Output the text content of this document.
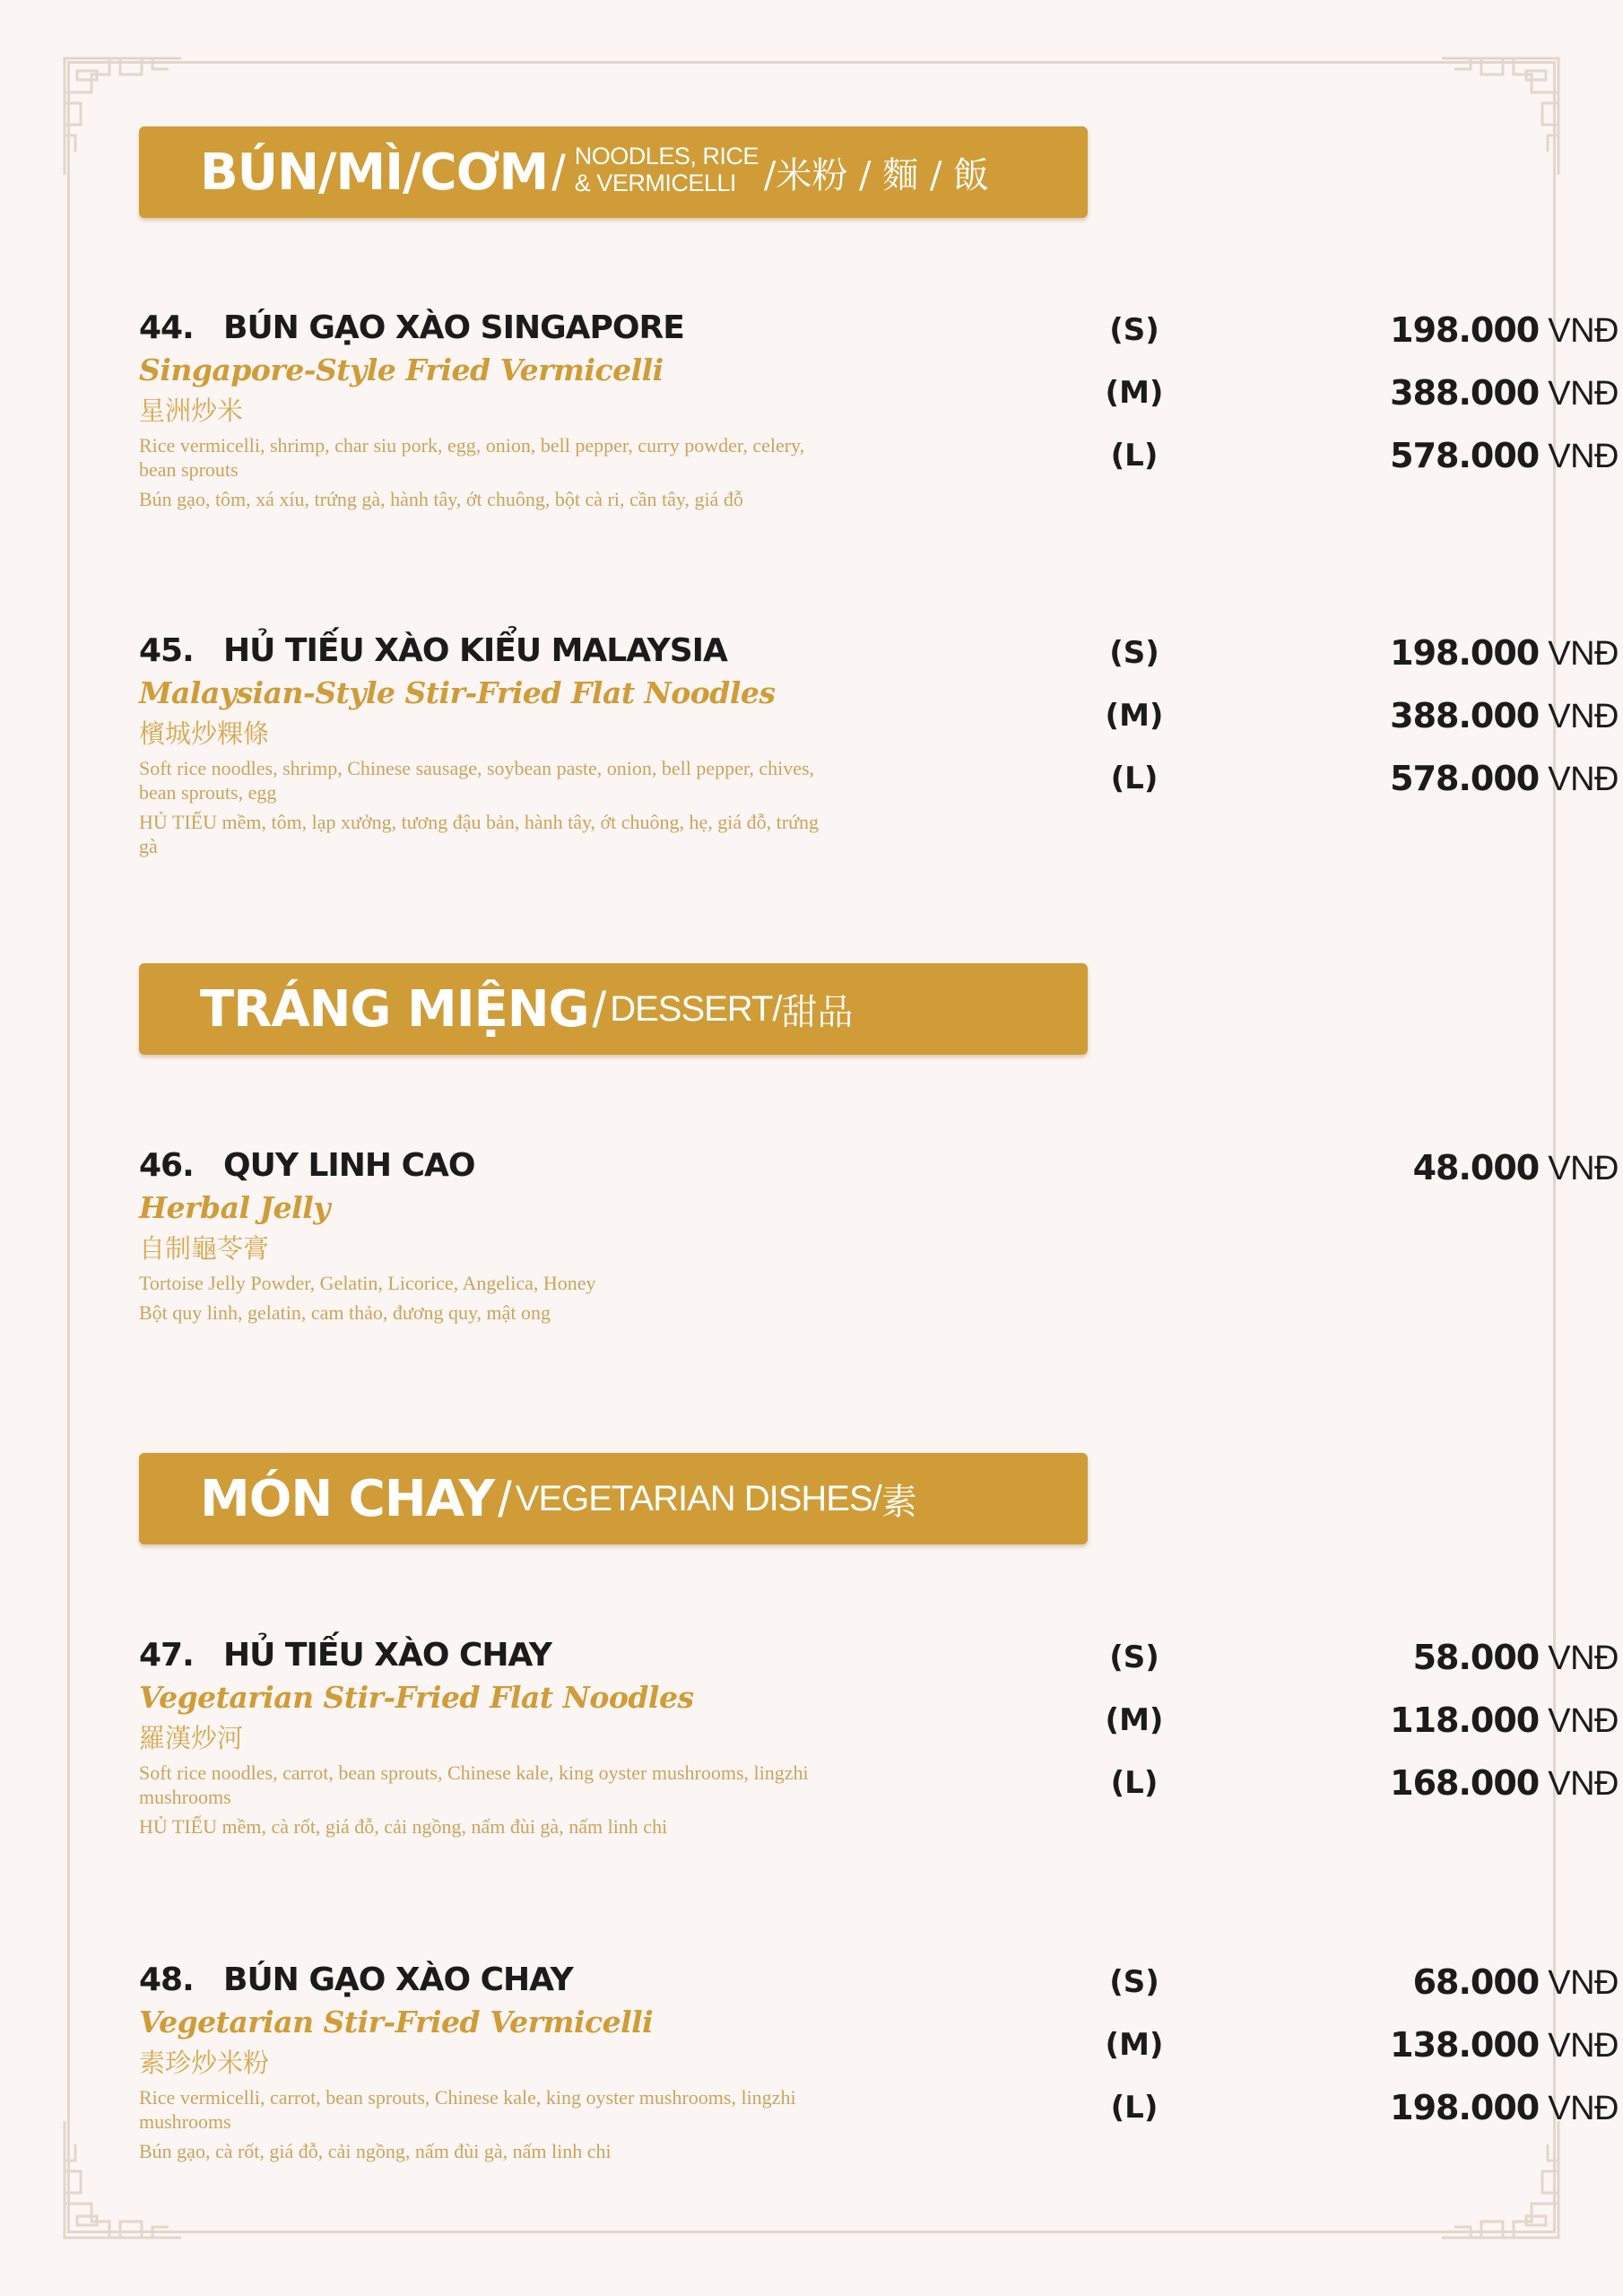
BÚN/MÌ/CƠM / NOODLES, RICE
& VERMICELLI /米粉 / 麵 / 飯
44. BÚN GẠO XÀO SINGAPORE
Singapore-Style Fried Vermicelli
星洲炒米
Rice vermicelli, shrimp, char siu pork, egg, onion, bell pepper, curry powder, celery, bean sprouts
Bún gạo, tôm, xá xíu, trứng gà, hành tây, ớt chuông, bột cà ri, cần tây, giá đỗ
(S)
(M)
(L)
198.000 VNĐ
388.000 VNĐ
578.000 VNĐ
45. HỦ TIẾU XÀO KIỂU MALAYSIA
Malaysian-Style Stir-Fried Flat Noodles
檳城炒粿條
Soft rice noodles, shrimp, Chinese sausage, soybean paste, onion, bell pepper, chives, bean sprouts, egg
HỦ TIẾU mềm, tôm, lạp xưởng, tương đậu bản, hành tây, ớt chuông, hẹ, giá đỗ, trứng gà
(S)
(M)
(L)
198.000 VNĐ
388.000 VNĐ
578.000 VNĐ
TRÁNG MIỆNG / DESSERT/ 甜品
46. QUY LINH CAO
Herbal Jelly
自制龜苓膏
Tortoise Jelly Powder, Gelatin, Licorice, Angelica, Honey
Bột quy linh, gelatin, cam thảo, đương quy, mật ong
48.000 VNĐ
MÓN CHAY / VEGETARIAN DISHES/ 素
47. HỦ TIẾU XÀO CHAY
Vegetarian Stir-Fried Flat Noodles
羅漢炒河
Soft rice noodles, carrot, bean sprouts, Chinese kale, king oyster mushrooms, lingzhi mushrooms
HỦ TIẾU mềm, cà rốt, giá đỗ, cải ngồng, nấm đùi gà, nấm linh chi
(S)
(M)
(L)
58.000 VNĐ
118.000 VNĐ
168.000 VNĐ
48. BÚN GẠO XÀO CHAY
Vegetarian Stir-Fried Vermicelli
素珍炒米粉
Rice vermicelli, carrot, bean sprouts, Chinese kale, king oyster mushrooms, lingzhi mushrooms
Bún gạo, cà rốt, giá đỗ, cải ngồng, nấm đùi gà, nấm linh chi
(S)
(M)
(L)
68.000 VNĐ
138.000 VNĐ
198.000 VNĐ
